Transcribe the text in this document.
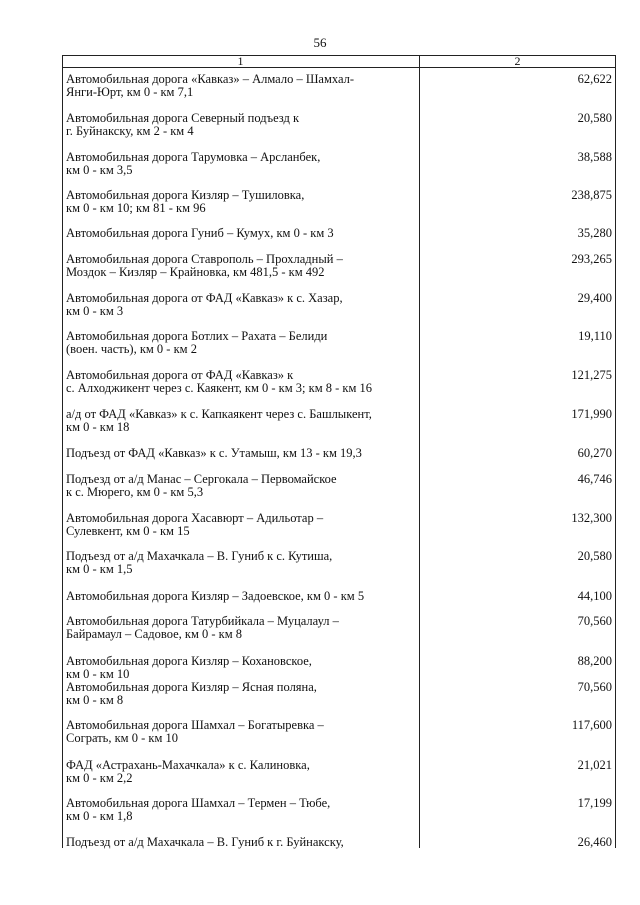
56
1	2
Автомобильная дорога «Кавказ» – Алмало – Шамхал-
Янги-Юрт, км 0 - км 7,1
62,622
Автомобильная дорога Северный подъезд к
г. Буйнакску, км 2 - км 4
20,580
Автомобильная дорога Тарумовка – Арсланбек,
км 0 - км 3,5
38,588
Автомобильная дорога Кизляр – Тушиловка,
км 0 - км 10; км 81 - км 96
238,875
Автомобильная дорога Гуниб – Кумух, км 0 - км 3	35,280
Автомобильная дорога Ставрополь – Прохладный –
Моздок – Кизляр – Крайновка, км 481,5 - км 492
293,265
Автомобильная дорога от ФАД «Кавказ» к с. Хазар,
км 0 - км 3
29,400
Автомобильная дорога Ботлих – Рахата – Белиди
(воен. часть), км 0 - км 2
19,110
Автомобильная дорога от ФАД «Кавказ» к
с. Алходжикент через с. Каякент, км 0 - км 3; км 8 - км 16
121,275
а/д от ФАД «Кавказ» к с. Капкаякент через с. Башлыкент,
км 0 - км 18
171,990
Подъезд от ФАД «Кавказ» к с. Утамыш, км 13 - км 19,3	60,270
Подъезд от а/д Манас – Сергокала – Первомайское
к с. Мюрего, км 0 - км 5,3
46,746
Автомобильная дорога Хасавюрт – Адильотар –
Сулевкент, км 0 - км 15
132,300
Подъезд от а/д Махачкала – В. Гуниб к с. Кутиша,
км 0 - км 1,5
20,580
Автомобильная дорога Кизляр – Задоевское, км 0 - км 5	44,100
Автомобильная дорога Татурбийкала – Муцалаул –
Байрамаул – Садовое, км 0 - км 8
70,560
Автомобильная дорога Кизляр – Кохановское,
км 0 - км 10
88,200
Автомобильная дорога Кизляр – Ясная поляна,
км 0 - км 8
70,560
Автомобильная дорога Шамхал – Богатыревка –
Сограть, км 0 - км 10
117,600
ФАД «Астрахань-Махачкала» к с. Калиновка,
км 0 - км 2,2
21,021
Автомобильная дорога Шамхал – Термен – Тюбе,
км 0 - км 1,8
17,199
Подъезд от а/д Махачкала – В. Гуниб к г. Буйнакску,	26,460
